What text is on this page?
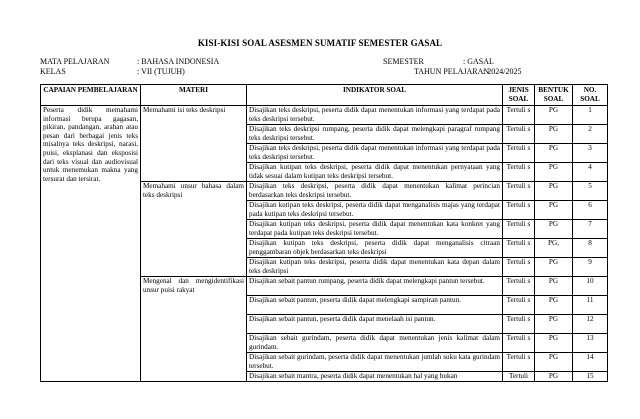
KISI-KISI SOAL ASESMEN SUMATIF SEMESTER GASAL
MATA PELAJARAN	: BAHASA INDONESIA
KELAS	: VII (TUJUH)
SEMESTER	: GASAL
TAHUN PELAJARAN
: 2024/2025
CAPAIAN PEMBELAJARAN	MATERI	INDIKATOR SOAL	JENIS SOAL	BENTUK SOAL	NO. SOAL
Peserta didik memahami informasi berupa gagasan, pikiran, pandangan, arahan atau pesan dari berbagai jenis teks misalnya teks deskripsi, narasi, puisi, eksplanasi dan eksposisi dari teks visual dan audiovisual untuk menemukan makna yang tersurat dan tersirat.	Memahami isi teks deskripsi	Disajikan teks deskripsi, peserta didik dapat menentukan informasi yang terdapat pada teks deskripsi tersebut.	Tertuli s	PG	1
		Disajikan teks deskripsi rumpang, peserta didik dapat melengkapi paragraf rumpang teks deskripsi tersebut.	Tertuli s	PG	2
		Disajikan teks deskripsi, peserta didik dapat menentukan informasi yang terdapat pada teks deskripsi tersebut.	Tertuli s	PG	3
		Disajikan kutipan teks deskripsi, peserta didik dapat menentukan pernyataan yang tidak sesuai dalam kutipan teks deskripsi tersebut.	Tertuli s	PG	4
	Memahami unsur bahasa dalam teks deskripsi	Disajikan teks deskripsi, peserta didik dapat menentukan kalimat perincian berdasarkan teks deskripsi tersebut.	Tertuli s	PG	5
		Disajikan kutipan teks deskripsi, peserta didik dapat menganalisis majas yang terdapat pada kutipan teks deskripsi tersebut.	Tertuli s	PG	6
		Disajikan kutipan teks deskripsi, peserta didik dapat menentukan kata konkret yang terdapat pada kutipan teks deskripsi tersebut.	Tertuli s	PG	7
		Disajikan kutipan teks deskripsi, peserta didik dapat menganalisis citraan penggambaran objek berdasarkan teks deskripsi	Tertuli s	PG,	8
		Disajikan kutipan teks deskripsi, peserta didik dapat menentukan kata depan dalam teks deskripsi	Tertuli s	PG	9
	Mengenal dan mengidentifikasi unsur puisi rakyat	Disajikan sebait pantun rumpang, peserta didik dapat melengkapi pantun tersebut.	Tertuli s	PG	10
		Disajikan sebait pantun, peserta didik dapat melengkapi sampiran pantun.	Tertuli s	PG	11
		Disajikan sebait pantun, peserta didik dapat menelaah isi pantun.	Tertuli s	PG	12
		Disajikan sebait gurindam, peserta didik dapat menentukan jenis kalimat dalam gurindam.	Tertuli s	PG	13
		Disajikan sebait gurindam, peserta didik dapat menentukan jumlah suku kata gurindam tersebut.	Tertuli s	PG	14
		Disajikan sebait mantra, peserta didik dapat menentukan hal yang bukan	Tertuli	PG	15
